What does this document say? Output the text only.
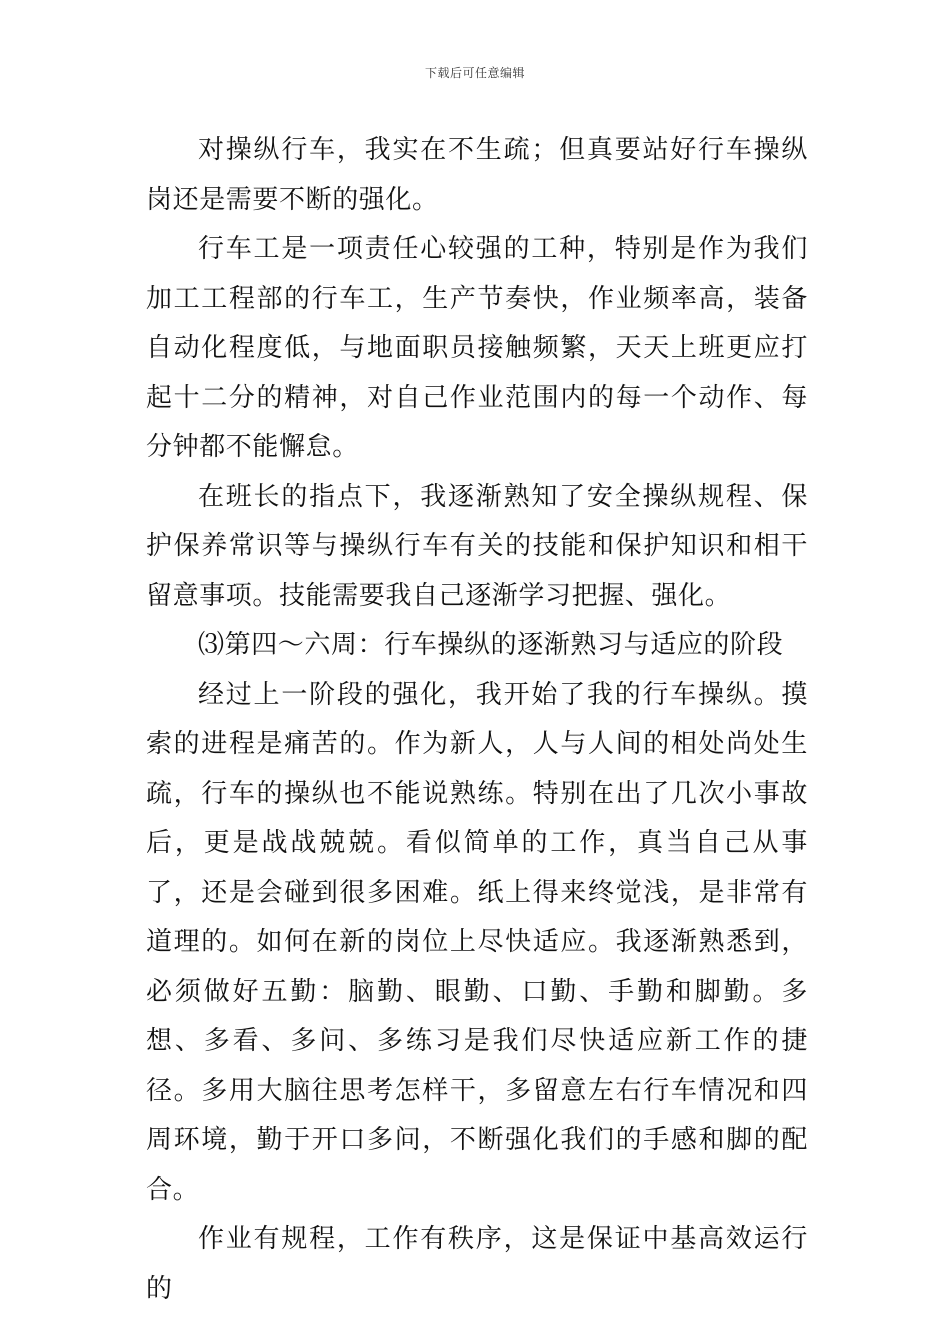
下载后可任意编辑

对操纵行车，我实在不生疏；但真要站好行车操纵岗还是需要不断的强化。

行车工是一项责任心较强的工种，特别是作为我们加工工程部的行车工，生产节奏快，作业频率高，装备自动化程度低，与地面职员接触频繁，天天上班更应打起十二分的精神，对自己作业范围内的每一个动作、每分钟都不能懈怠。

在班长的指点下，我逐渐熟知了安全操纵规程、保护保养常识等与操纵行车有关的技能和保护知识和相干留意事项。技能需要我自己逐渐学习把握、强化。

⑶第四～六周：行车操纵的逐渐熟习与适应的阶段

经过上一阶段的强化，我开始了我的行车操纵。摸索的进程是痛苦的。作为新人，人与人间的相处尚处生疏，行车的操纵也不能说熟练。特别在出了几次小事故后，更是战战兢兢。看似简单的工作，真当自己从事了，还是会碰到很多困难。纸上得来终觉浅，是非常有道理的。如何在新的岗位上尽快适应。我逐渐熟悉到，必须做好五勤：脑勤、眼勤、口勤、手勤和脚勤。多想、多看、多问、多练习是我们尽快适应新工作的捷径。多用大脑往思考怎样干，多留意左右行车情况和四周环境，勤于开口多问，不断强化我们的手感和脚的配合。

作业有规程，工作有秩序，这是保证中基高效运行的
